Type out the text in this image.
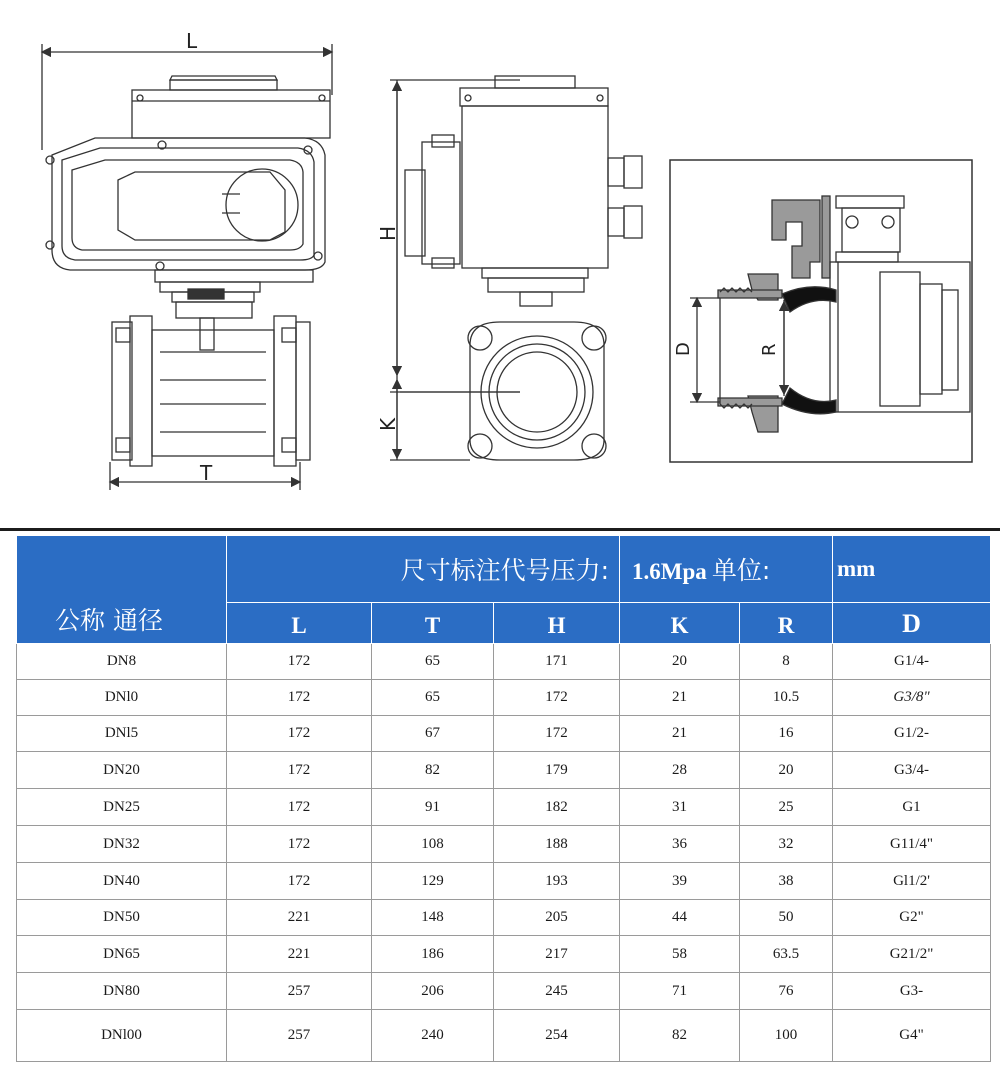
L
T
H
K
D	R
公称 通径	尺寸标注代号压力:			1.6Mpa 单位:		mm
	L	T	H	K	R	D
DN8	172	65	171	20	8	G1/4-
DNl0	172	65	172	21	10.5	G3/8"
DNl5	172	67	172	21	16	G1/2-
DN20	172	82	179	28	20	G3/4-
DN25	172	91	182	31	25	G1
DN32	172	108	188	36	32	G11/4"
DN40	172	129	193	39	38	Gl1/2'
DN50	221	148	205	44	50	G2"
DN65	221	186	217	58	63.5	G21/2"
DN80	257	206	245	71	76	G3-
DNl00	257	240	254	82	100	G4"
